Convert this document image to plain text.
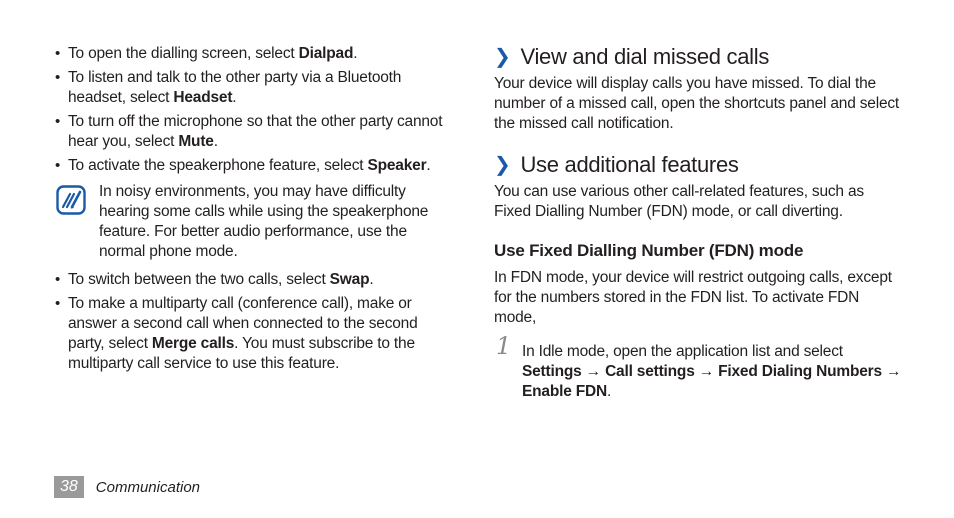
• To open the dialling screen, select Dialpad.
• To listen and talk to the other party via a Bluetooth headset, select Headset.
• To turn off the microphone so that the other party cannot hear you, select Mute.
• To activate the speakerphone feature, select Speaker.
In noisy environments, you may have difficulty hearing some calls while using the speakerphone feature. For better audio performance, use the normal phone mode.
• To switch between the two calls, select Swap.
• To make a multiparty call (conference call), make or answer a second call when connected to the second party, select Merge calls. You must subscribe to the multiparty call service to use this feature.
❯ View and dial missed calls

Your device will display calls you have missed. To dial the number of a missed call, open the shortcuts panel and select the missed call notification.

❯ Use additional features

You can use various other call-related features, such as Fixed Dialling Number (FDN) mode, or call diverting.

Use Fixed Dialling Number (FDN) mode

In FDN mode, your device will restrict outgoing calls, except for the numbers stored in the FDN list. To activate FDN mode,

1 In Idle mode, open the application list and select Settings → Call settings → Fixed Dialing Numbers → Enable FDN.
38	Communication
